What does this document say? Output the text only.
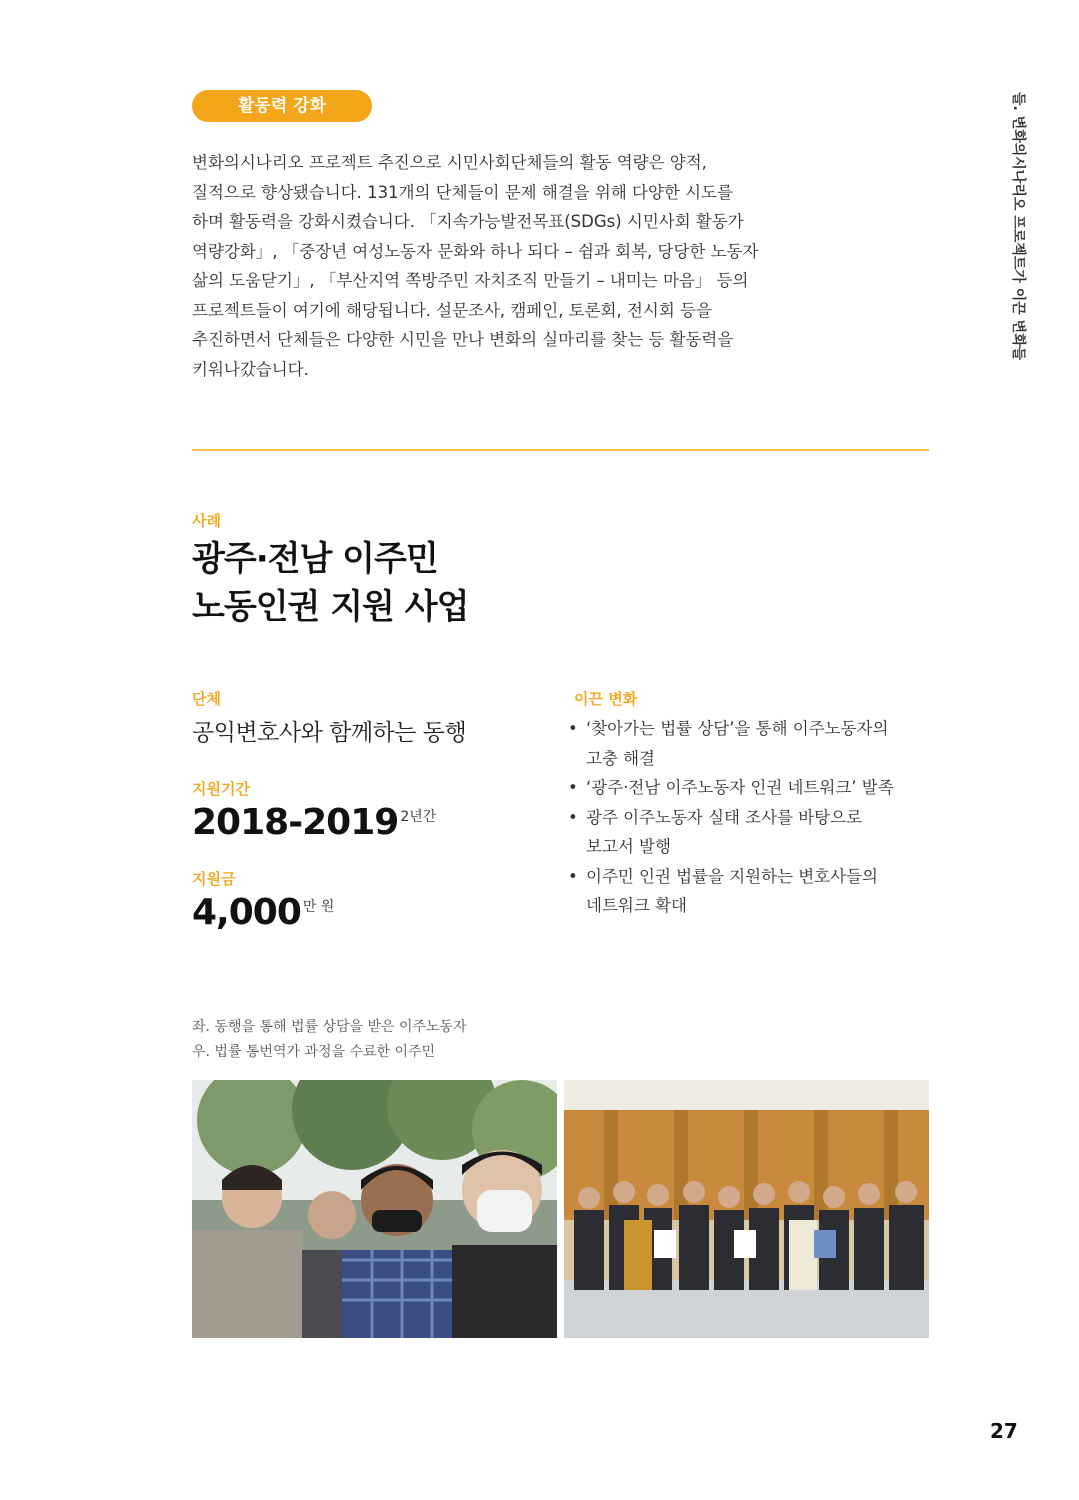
활동력 강화
변화의시나리오 프로젝트 추진으로 시민사회단체들의 활동 역량은 양적,
질적으로 향상됐습니다. 131개의 단체들이 문제 해결을 위해 다양한 시도를
하며 활동력을 강화시켰습니다. 「지속가능발전목표(SDGs) 시민사회 활동가
역량강화」, 「중장년 여성노동자 문화와 하나 되다 – 쉼과 회복, 당당한 노동자
삶의 도움닫기」, 「부산지역 쪽방주민 자치조직 만들기 – 내미는 마음」 등의
프로젝트들이 여기에 해당됩니다. 설문조사, 캠페인, 토론회, 전시회 등을
추진하면서 단체들은 다양한 시민을 만나 변화의 실마리를 찾는 등 활동력을
키워나갔습니다.
사례
광주·전남 이주민
노동인권 지원 사업
단체
공익변호사와 함께하는 동행
지원기간
2018-2019 $^{2년간}$
지원금
4,000 $^{만 원}$
이끈 변화
• ‘찾아가는 법률 상담’을 통해 이주노동자의
고충 해결
• ‘광주·전남 이주노동자 인권 네트워크’ 발족
• 광주 이주노동자 실태 조사를 바탕으로
보고서 발행
• 이주민 인권 법률을 지원하는 변호사들의
네트워크 확대
좌. 동행을 통해 법률 상담을 받은 이주노동자
우. 법률 통번역가 과정을 수료한 이주민
들. 변화의시나리오 프로젝트가 이끈 변화들
27
